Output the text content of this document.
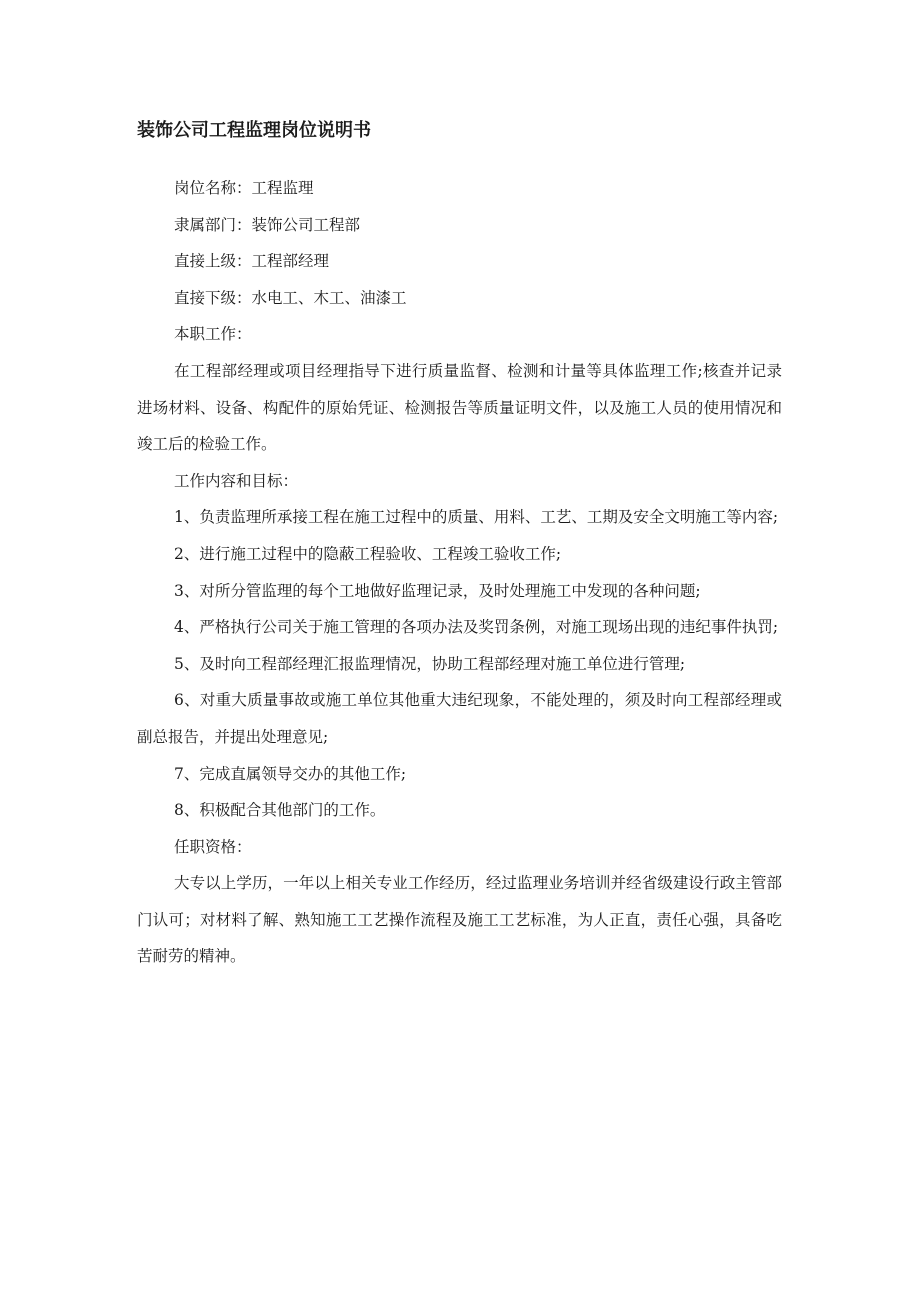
装饰公司工程监理岗位说明书

岗位名称：工程监理

隶属部门：装饰公司工程部

直接上级：工程部经理

直接下级：水电工、木工、油漆工

本职工作：

在工程部经理或项目经理指导下进行质量监督、检测和计量等具体监理工作;核查并记录进场材料、设备、构配件的原始凭证、检测报告等质量证明文件，以及施工人员的使用情况和竣工后的检验工作。

工作内容和目标：

1、负责监理所承接工程在施工过程中的质量、用料、工艺、工期及安全文明施工等内容;

2、进行施工过程中的隐蔽工程验收、工程竣工验收工作;

3、对所分管监理的每个工地做好监理记录，及时处理施工中发现的各种问题;

4、严格执行公司关于施工管理的各项办法及奖罚条例，对施工现场出现的违纪事件执罚;

5、及时向工程部经理汇报监理情况，协助工程部经理对施工单位进行管理;

6、对重大质量事故或施工单位其他重大违纪现象，不能处理的，须及时向工程部经理或副总报告，并提出处理意见;

7、完成直属领导交办的其他工作;

8、积极配合其他部门的工作。

任职资格：

大专以上学历，一年以上相关专业工作经历，经过监理业务培训并经省级建设行政主管部门认可；对材料了解、熟知施工工艺操作流程及施工工艺标准，为人正直，责任心强，具备吃苦耐劳的精神。
